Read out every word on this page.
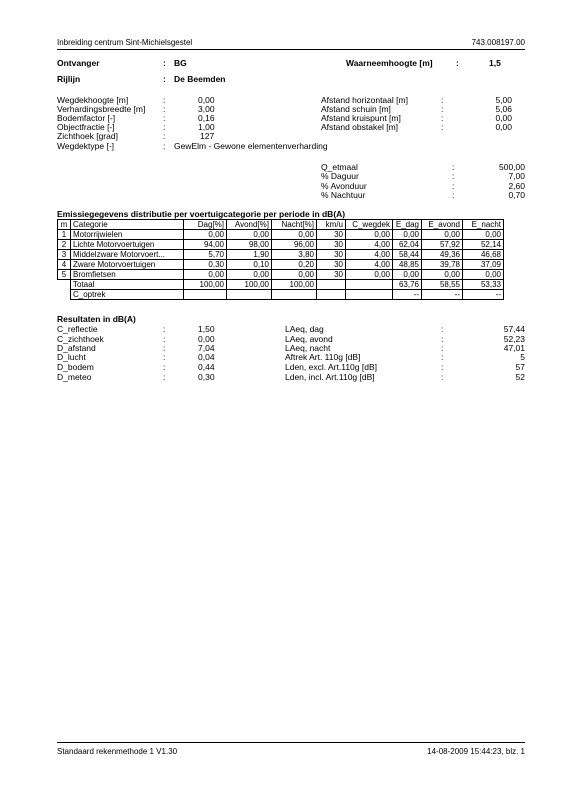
Inbreiding centrum Sint-Michielsgestel	743.008197.00
Ontvanger	: BG	Waarneemhoogte [m]	:	1,5
Rijlijn	: De Beemden
Wegdekhoogte [m]	:	0,00
Verhardingsbreedte [m] :	3,00
Bodemfactor [-]	:	0,16
Objectfractie [-]	:	1,00
Zichthoek [grad]	:	127
Wegdektype [-]	: GewElm - Gewone elementenverharding
Afstand horizontaal [m]	:	5,00
Afstand schuin [m]	:	5,06
Afstand kruispunt [m]	:	0,00
Afstand obstakel [m]	:	0,00
Q_etmaal	:	500,00
% Daguur	:	7,00
% Avonduur	:	2,60
% Nachtuur	:	0,70
Emissiegegevens distributie per voertuigcategorie per periode in dB(A)
m	Categorie	Dag[%]	Avond[%]	Nacht[%]	km/u	C_wegdek	E_dag	E_avond	E_nacht
1	Motorrijwielen	0,00	0,00	0,00	30	0,00	0,00	0,00	0,00
2	Lichte Motorvoertuigen	94,00	98,00	96,00	30	4,00	62,04	57,92	52,14
3	Middelzware Motorvoert...	5,70	1,90	3,80	30	4,00	58,44	49,36	46,68
4	Zware Motorvoertuigen	0,30	0,10	0,20	30	4,00	48,85	39,78	37,09
5	Bromfietsen	0,00	0,00	0,00	30	0,00	0,00	0,00	0,00
	Totaal	100,00	100,00	100,00			63,76	58,55	53,33
	C_optrek						--	--	--
Resultaten in dB(A)
C_reflectie	:	1,50
C_zichthoek	:	0,00
D_afstand	:	7,04
D_lucht	:	0,04
D_bodem	:	0,44
D_meteo	:	0,30
LAeq, dag	:	57,44
LAeq, avond	:	52,23
LAeq, nacht	:	47,01
Aftrek Art. 110g [dB]	:	5
Lden, excl. Art.110g [dB]	:	57
Lden, incl. Art.110g [dB]	:	52
Standaard rekenmethode 1 V1.30	14-08-2009 15:44:23, blz. 1
